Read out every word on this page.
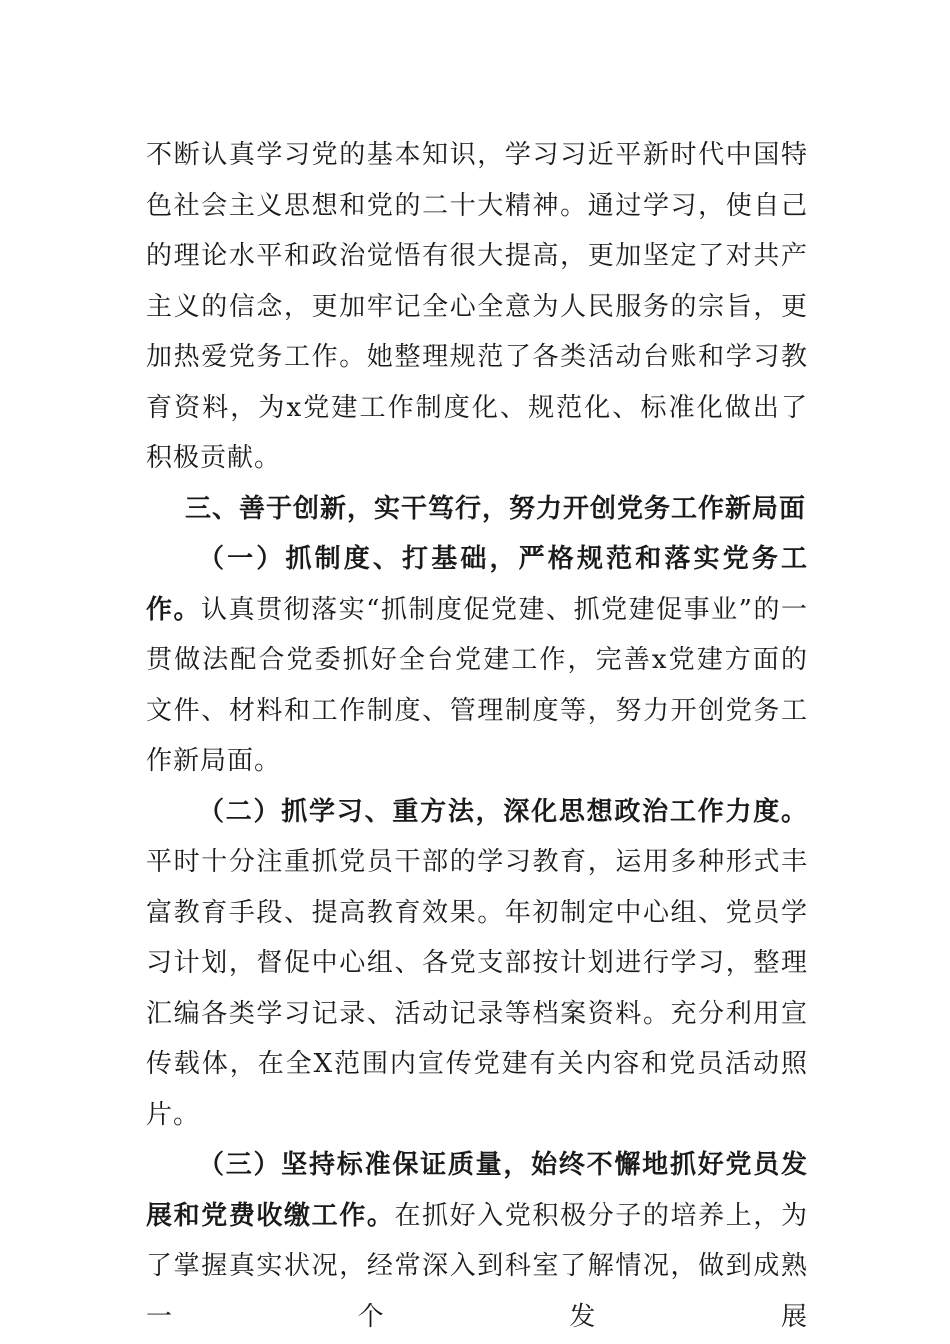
不断认真学习党的基本知识，学习习近平新时代中国特色社会主义思想和党的二十大精神。通过学习，使自己的理论水平和政治觉悟有很大提高，更加坚定了对共产主义的信念，更加牢记全心全意为人民服务的宗旨，更加热爱党务工作。她整理规范了各类活动台账和学习教育资料，为x党建工作制度化、规范化、标准化做出了积极贡献。

三、善于创新，实干笃行，努力开创党务工作新局面

（一）抓制度、打基础，严格规范和落实党务工作。认真贯彻落实“抓制度促党建、抓党建促事业”的一贯做法配合党委抓好全台党建工作，完善x党建方面的文件、材料和工作制度、管理制度等，努力开创党务工作新局面。

（二）抓学习、重方法，深化思想政治工作力度。平时十分注重抓党员干部的学习教育，运用多种形式丰富教育手段、提高教育效果。年初制定中心组、党员学习计划，督促中心组、各党支部按计划进行学习，整理汇编各类学习记录、活动记录等档案资料。充分利用宣传载体，在全X范围内宣传党建有关内容和党员活动照片。

（三）坚持标准保证质量，始终不懈地抓好党员发展和党费收缴工作。在抓好入党积极分子的培养上，为了掌握真实状况，经常深入到科室了解情况，做到成熟一个发展
